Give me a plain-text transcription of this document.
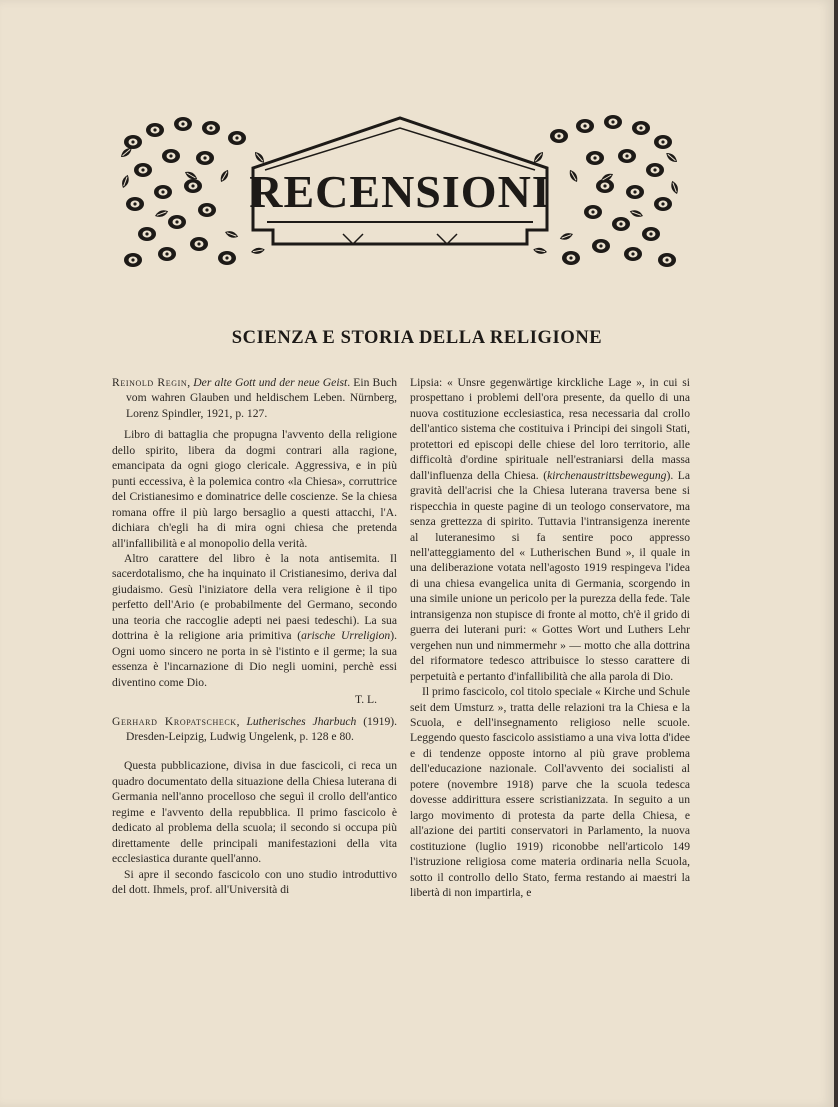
RECENSIONI
SCIENZA E STORIA DELLA RELIGIONE

Reinold Regin, Der alte Gott und der neue Geist. Ein Buch vom wahren Glauben und heldischem Leben. Nürnberg, Lorenz Spindler, 1921, p. 127.

Libro di battaglia che propugna l'avvento della religione dello spirito, libera da dogmi contrari alla ragione, emancipata da ogni giogo clericale. Aggressiva, e in più punti eccessiva, è la polemica contro «la Chiesa», corruttrice del Cristianesimo e dominatrice delle coscienze. Se la chiesa romana offre il più largo bersaglio a questi attacchi, l'A. dichiara ch'egli ha di mira ogni chiesa che pretenda all'infallibilità e al monopolio della verità.

Altro carattere del libro è la nota antisemita. Il sacerdotalismo, che ha inquinato il Cristianesimo, deriva dal giudaismo. Gesù l'iniziatore della vera religione è il tipo perfetto dell'Ario (e probabilmente del Germano, secondo una teoria che raccoglie adepti nei paesi tedeschi). La sua dottrina è la religione aria primitiva (arische Urreligion). Ogni uomo sincero ne porta in sè l'istinto e il germe; la sua essenza è l'incarnazione di Dio negli uomini, perchè essi diventino come Dio.

T. L.

Gerhard Kropatscheck, Lutherisches Jharbuch (1919). Dresden-Leipzig, Ludwig Ungelenk, p. 128 e 80.

Questa pubblicazione, divisa in due fascicoli, ci reca un quadro documentato della situazione della Chiesa luterana di Germania nell'anno procelloso che seguì il crollo dell'antico regime e l'avvento della repubblica. Il primo fascicolo è dedicato al problema della scuola; il secondo si occupa più direttamente delle principali manifestazioni della vita ecclesiastica durante quell'anno.

Si apre il secondo fascicolo con uno studio introduttivo del dott. Ihmels, prof. all'Università di

Lipsia: « Unsre gegenwärtige kirckliche Lage », in cui si prospettano i problemi dell'ora presente, da quello di una nuova costituzione ecclesiastica, resa necessaria dal crollo dell'antico sistema che costituiva i Principi dei singoli Stati, protettori ed episcopi delle chiese del loro territorio, alle difficoltà d'ordine spirituale nell'estraniarsi della massa dall'influenza della Chiesa. (kirchenaustrittsbewegung). La gravità dell'acrisi che la Chiesa luterana traversa bene si rispecchia in queste pagine di un teologo conservatore, ma senza grettezza di spirito. Tuttavia l'intransigenza inerente al luteranesimo si fa sentire poco appresso nell'atteggiamento del « Lutherischen Bund », il quale in una deliberazione votata nell'agosto 1919 respingeva l'idea di una chiesa evangelica unita di Germania, scorgendo in una simile unione un pericolo per la purezza della fede. Tale intransigenza non stupisce di fronte al motto, ch'è il grido di guerra dei luterani puri: « Gottes Wort und Luthers Lehr vergehen nun und nimmermehr » — motto che alla dottrina del riformatore tedesco attribuisce lo stesso carattere di perpetuità e pertanto d'infallibilità che alla parola di Dio.

Il primo fascicolo, col titolo speciale « Kirche und Schule seit dem Umsturz », tratta delle relazioni tra la Chiesa e la Scuola, e dell'insegnamento religioso nelle scuole. Leggendo questo fascicolo assistiamo a una viva lotta d'idee e di tendenze opposte intorno al più grave problema dell'educazione nazionale. Coll'avvento dei socialisti al potere (novembre 1918) parve che la scuola tedesca dovesse addirittura essere scristianizzata. In seguito a un largo movimento di protesta da parte della Chiesa, e all'azione dei partiti conservatori in Parlamento, la nuova costituzione (luglio 1919) riconobbe nell'articolo 149 l'istruzione religiosa come materia ordinaria nella Scuola, sotto il controllo dello Stato, ferma restando ai maestri la libertà di non impartirla, e
